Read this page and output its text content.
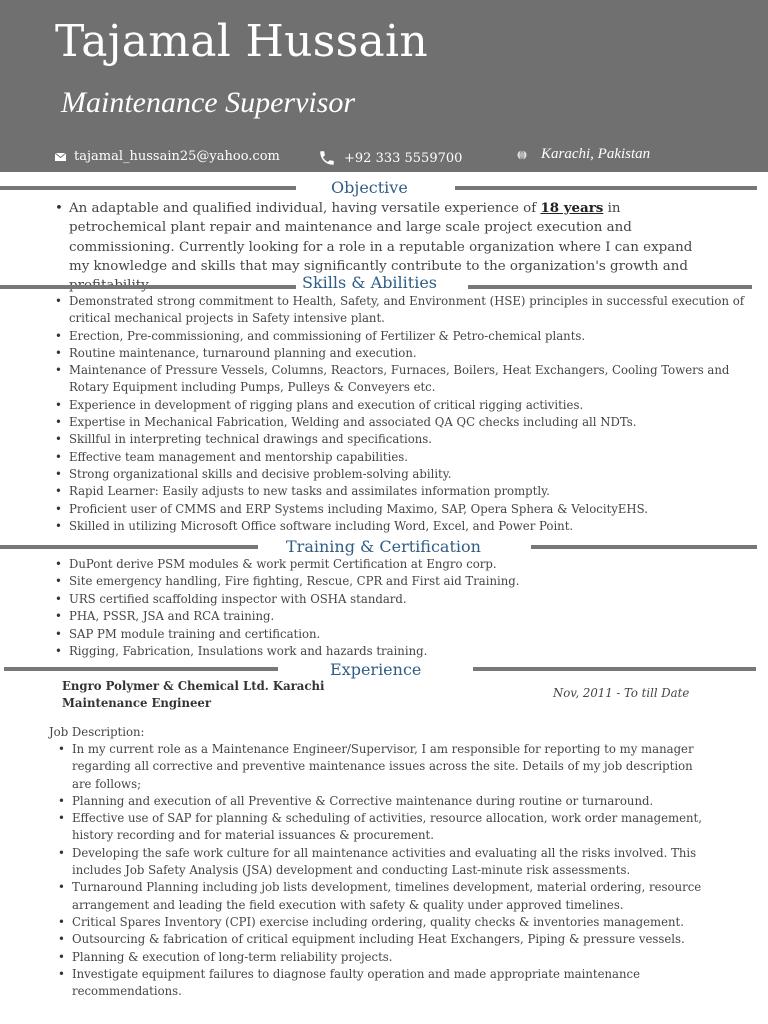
Tajamal Hussain
Maintenance Supervisor
tajamal_hussain25@yahoo.com	+92 333 5559700	Karachi, Pakistan
Objective
• An adaptable and qualified individual, having versatile experience of 18 years in petrochemical plant repair and maintenance and large scale project execution and commissioning. Currently looking for a role in a reputable organization where I can expand my knowledge and skills that may significantly contribute to the organization's growth and
Skills & Abilities
• Demonstrated strong commitment to Health, Safety, and Environment (HSE) principles in successful execution of critical mechanical projects in Safety intensive plant.
• Erection, Pre-commissioning, and commissioning of Fertilizer & Petro-chemical plants.
• Routine maintenance, turnaround planning and execution.
• Maintenance of Pressure Vessels, Columns, Reactors, Furnaces, Boilers, Heat Exchangers, Cooling Towers and Rotary Equipment including Pumps, Pulleys & Conveyers etc.
• Experience in development of rigging plans and execution of critical rigging activities.
• Expertise in Mechanical Fabrication, Welding and associated QA QC checks including all NDTs.
• Skillful in interpreting technical drawings and specifications.
• Effective team management and mentorship capabilities.
• Strong organizational skills and decisive problem-solving ability.
• Rapid Learner: Easily adjusts to new tasks and assimilates information promptly.
• Proficient user of CMMS and ERP Systems including Maximo, SAP, Opera Sphera & VelocityEHS.
• Skilled in utilizing Microsoft Office software including Word, Excel, and Power Point.
Training & Certification
• DuPont derive PSM modules & work permit Certification at Engro corp.
• Site emergency handling, Fire fighting, Rescue, CPR and First aid Training.
• URS certified scaffolding inspector with OSHA standard.
• PHA, PSSR, JSA and RCA training.
• SAP PM module training and certification.
• Rigging, Fabrication, Insulations work and hazards training.
Experience
Engro Polymer & Chemical Ltd. Karachi
Maintenance Engineer
Nov, 2011 - To till Date
Job Description:
• In my current role as a Maintenance Engineer/Supervisor, I am responsible for reporting to my manager regarding all corrective and preventive maintenance issues across the site. Details of my job description are follows;
• Planning and execution of all Preventive & Corrective maintenance during routine or turnaround.
• Effective use of SAP for planning & scheduling of activities, resource allocation, work order management, history recording and for material issuances & procurement.
• Developing the safe work culture for all maintenance activities and evaluating all the risks involved. This includes Job Safety Analysis (JSA) development and conducting Last-minute risk assessments.
• Turnaround Planning including job lists development, timelines development, material ordering, resource arrangement and leading the field execution with safety & quality under approved timelines.
• Critical Spares Inventory (CPI) exercise including ordering, quality checks & inventories management.
• Outsourcing & fabrication of critical equipment including Heat Exchangers, Piping & pressure vessels.
• Planning & execution of long-term reliability projects.
• Investigate equipment failures to diagnose faulty operation and made appropriate maintenance recommendations.
